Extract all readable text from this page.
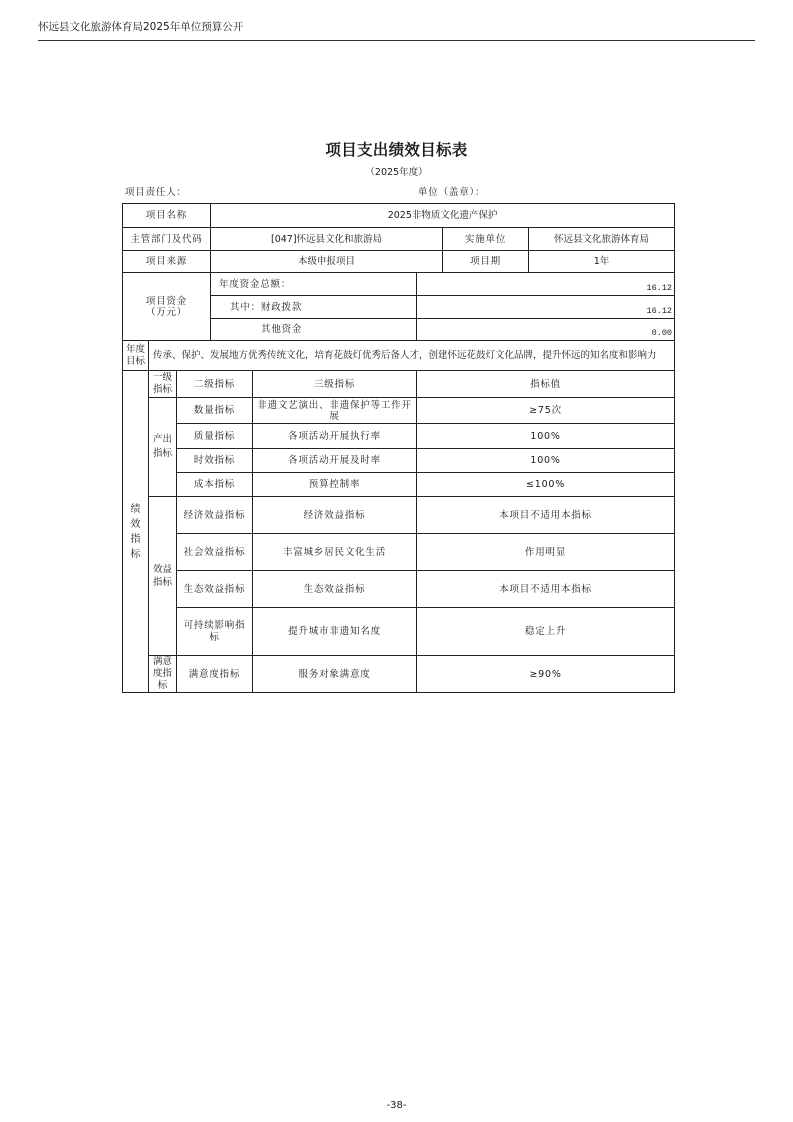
怀远县文化旅游体育局2025年单位预算公开
项目支出绩效目标表
（2025年度）
项目责任人：	单位（盖章）：
项目名称			2025非物质文化遗产保护				
主管部门及代码			[047]怀远县文化和旅游局			实施单位	怀远县文化旅游体育局
项目来源			本级申报项目			项目期	1年

项目资金
（万元）			年度资金总额：		16.12		
			其中：财政拨款		16.12		
			其他资金		0.00		
年度目标	传承、保护、发展地方优秀传统文化，培育花鼓灯优秀后备人才，创建怀远花鼓灯文化品牌，提升怀远的知名度和影响力						
绩效指标	一级指标	二级指标		三级指标	指标值		
	产出指标	数量指标		非遗文艺演出、非遗保护等工作开展	≥75次		
		质量指标		各项活动开展执行率	100%		
		时效指标		各项活动开展及时率	100%		
		成本指标		预算控制率	≤100%		
	效益指标	经济效益指标		经济效益指标	本项目不适用本指标		
		社会效益指标		丰富城乡居民文化生活	作用明显		
		生态效益指标		生态效益指标	本项目不适用本指标		
		可持续影响指标		提升城市非遗知名度	稳定上升		
	满意度指标	满意度指标		服务对象满意度	≥90%		
-38-
